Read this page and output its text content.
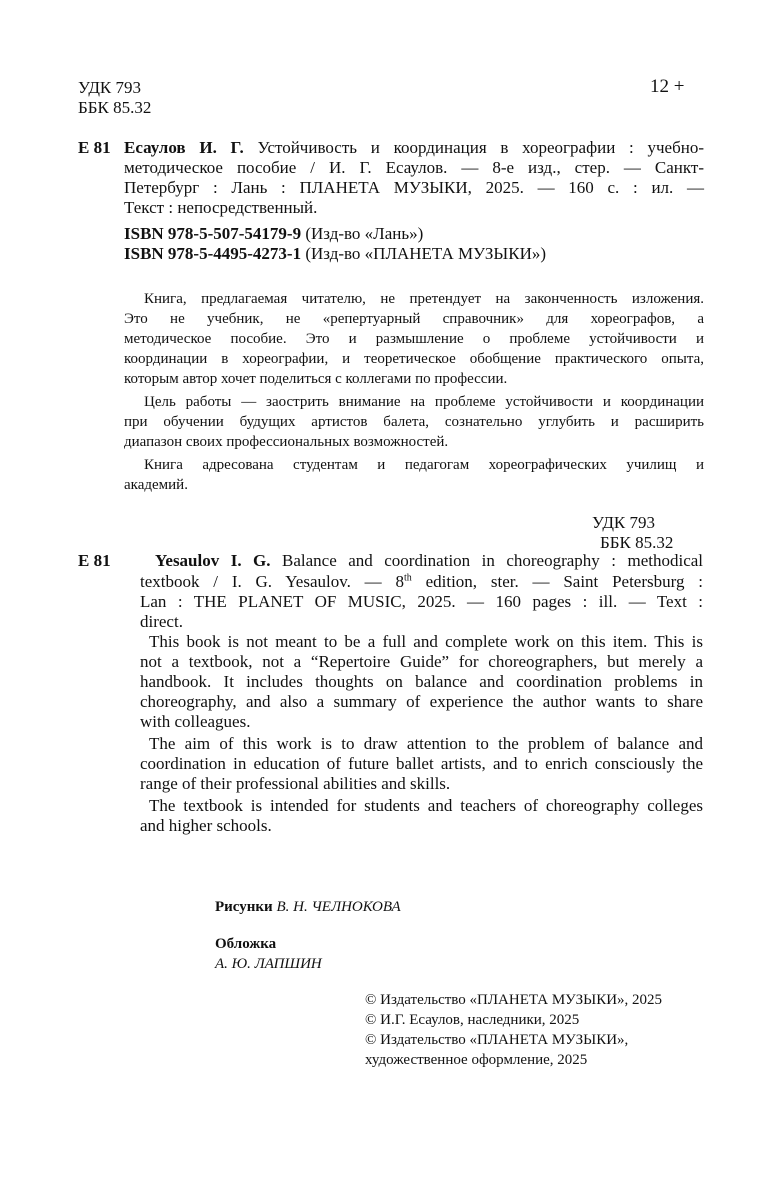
УДК 793
ББК 85.32
12 +
Е 81 Есаулов И. Г. Устойчивость и координация в хореографии : учебно-
методическое пособие / И. Г. Есаулов. — 8-е изд., стер. — Санкт-
Петербург : Лань : ПЛАНЕТА МУЗЫКИ, 2025. — 160 с. : ил. —
Текст : непосредственный.
ISBN 978-5-507-54179-9 (Изд-во «Лань»)
ISBN 978-5-4495-4273-1 (Изд-во «ПЛАНЕТА МУЗЫКИ»)
Книга, предлагаемая читателю, не претендует на законченность изложения.
Это не учебник, не «репертуарный справочник» для хореографов, а
методическое пособие. Это и размышление о проблеме устойчивости и
координации в хореографии, и теоретическое обобщение практического опыта,
которым автор хочет поделиться с коллегами по профессии.
Цель работы — заострить внимание на проблеме устойчивости и координации
при обучении будущих артистов балета, сознательно углубить и расширить
диапазон своих профессиональных возможностей.
Книга адресована студентам и педагогам хореографических училищ и
академий.
УДК 793
ББК 85.32
Е 81	Yesaulov I. G. Balance and coordination in choreography : methodical
textbook / I. G. Yesaulov. — 8th edition, ster. — Saint Petersburg :
Lan : THE PLANET OF MUSIC, 2025. — 160 pages : ill. — Text :
direct.
This book is not meant to be a full and complete work on this item. This is
not a textbook, not a “Repertoire Guide” for choreographers, but merely a
handbook. It includes thoughts on balance and coordination problems in
choreography, and also a summary of experience the author wants to share
with colleagues.
The aim of this work is to draw attention to the problem of balance and
coordination in education of future ballet artists, and to enrich consciously the
range of their professional abilities and skills.
The textbook is intended for students and teachers of choreography colleges
and higher schools.
Рисунки В. Н. ЧЕЛНОКОВА
Обложка
А. Ю. ЛАПШИН
© Издательство «ПЛАНЕТА МУЗЫКИ», 2025
© И.Г. Есаулов, наследники, 2025
© Издательство «ПЛАНЕТА МУЗЫКИ»,
художественное оформление, 2025
